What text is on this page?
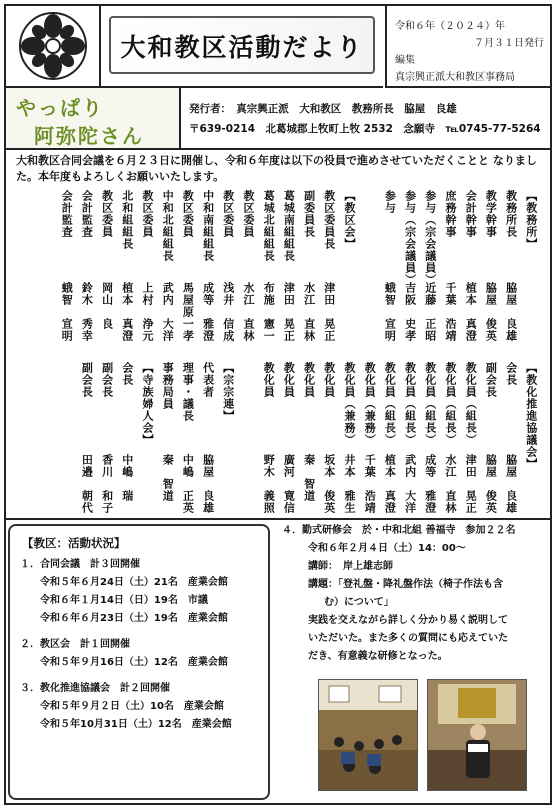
大和教区活動だより
令和６年（２０２４）年
７月３１日発行
編集
真宗興正派大和教区事務局
やっぱり
阿弥陀さん
発行者：　 真宗興正派　大和教区　教務所長　脇屋　良雄
〒639-0214　北葛城郡上牧町上牧 2532　念願寺　℡0745-77-5264
大和教区合同会議を６月２３日に開催し、令和６年度は以下の役員で進めさせていただくことと なりました。本年度もよろしくお願いいたします。
【教務所】
教務所長
脇屋　良雄
教学幹事
脇屋　俊英
会計幹事
植本　真澄
庶務幹事
千葉　浩靖
参与（宗会議員）
近藤　正昭
参与（宗会議員）
吉阪　史孝
参与
蛾智　宣明
【教区会】
教区委員長
津田　晃正
副委員長
水江　直林
葛城南組組長
津田　晃正
葛城北組組長
布施　憲一
教区委員
水江　直林
教区委員
浅井　信成
中和南組組長
成等　雅澄
教区委員
馬屋原一孝
中和北組組長
武内　大洋
教区委員
上村　浄元
北和組組長
植本　真澄
教区委員
岡山　良
会計監査
鈴木　秀幸
会計監査
蛾智　宣明
【教化推進協議会】
会長
脇屋　良雄
副会長
脇屋　俊英
教化員（組長）
津田　晃正
教化員（組長）
水江　直林
教化員（組長）
成等　雅澄
教化員（組長）
武内　大洋
教化員（組長）
植本　真澄
教化員（兼務）
千葉　浩靖
教化員（兼務）
井本　雅生
教化員
坂本　俊英
教化員
秦　智道
教化員
廣河　寛信
教化員
野木　義照
【宗宗連】
代表者
脇屋　良雄
理事・議長
中嶋　正英
事務局員
秦　智道
【寺族婦人会】
会長
中嶋　瑞
副会長
香川　和子
副会長
田邉　朝代
【教区：活動状況】
１．合同会議　計３回開催
令和５年６月24日（土）21名　産業会館
令和６年１月14日（日）19名　市議
令和６年６月23日（土）19名　産業会館
２．教区会　計１回開催
令和５年９月16日（土）12名　産業会館
３．教化推進協議会　計２回開催
令和５年９月２日（土）10名　産業会館
令和５年10月31日（土）12名　産業会館
４．勤式研修会　於・中和北組 善福寺　参加２２名
令和６年２月４日（土）14：00～
講師：　岸上雄志師
講題：「登礼盤・降礼盤作法（椅子作法も含
む）について」
実践を交えながら詳しく分かり易く説明して
いただいた。また多くの質問にも応えていた
だき、有意義な研修となった。
